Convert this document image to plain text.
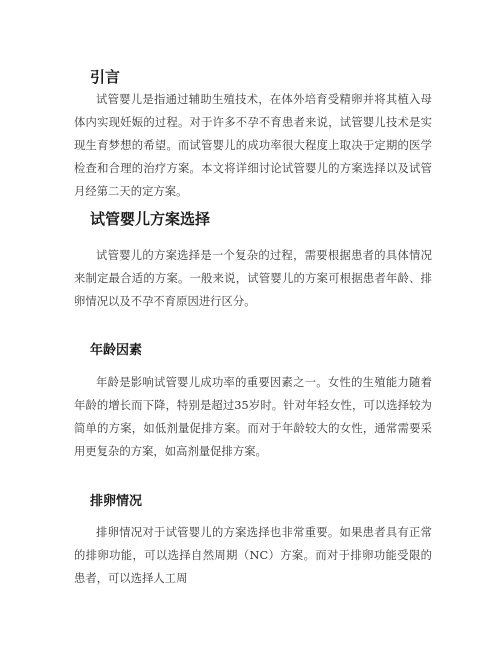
引言

试管婴儿是指通过辅助生殖技术，在体外培育受精卵并将其植入母体内实现妊娠的过程。对于许多不孕不育患者来说，试管婴儿技术是实现生育梦想的希望。而试管婴儿的成功率很大程度上取决于定期的医学检查和合理的治疗方案。本文将详细讨论试管婴儿的方案选择以及试管月经第二天的定方案。

试管婴儿方案选择

试管婴儿的方案选择是一个复杂的过程，需要根据患者的具体情况来制定最合适的方案。一般来说，试管婴儿的方案可根据患者年龄、排卵情况以及不孕不育原因进行区分。

年龄因素

年龄是影响试管婴儿成功率的重要因素之一。女性的生殖能力随着年龄的增长而下降，特别是超过35岁时。针对年轻女性，可以选择较为简单的方案，如低剂量促排方案。而对于年龄较大的女性，通常需要采用更复杂的方案，如高剂量促排方案。

排卵情况

排卵情况对于试管婴儿的方案选择也非常重要。如果患者具有正常的排卵功能，可以选择自然周期（NC）方案。而对于排卵功能受限的患者，可以选择人工周
